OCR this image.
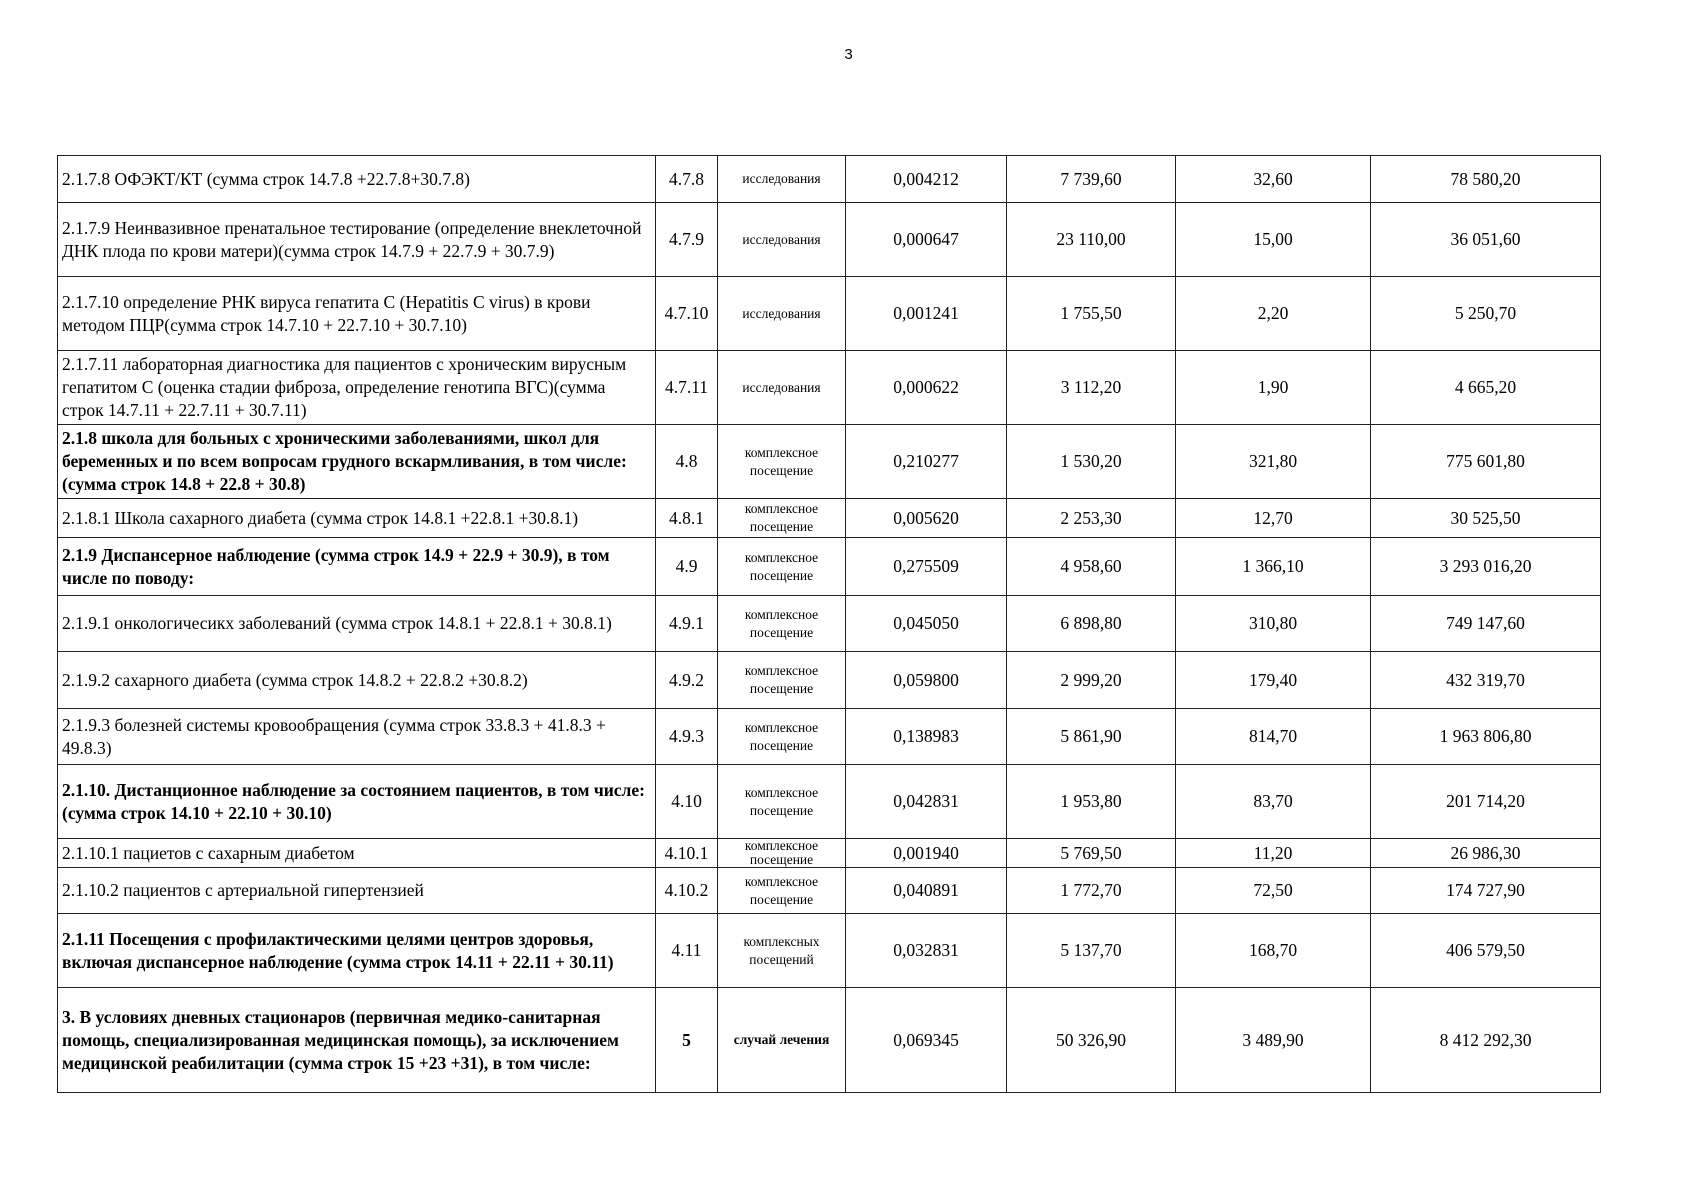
3
2.1.7.8 ОФЭКТ/КТ (сумма строк 14.7.8 +22.7.8+30.7.8)	4.7.8	исследования	0,004212	7 739,60	32,60	78 580,20
2.1.7.9 Неинвазивное пренатальное тестирование (определение внеклеточной ДНК плода по крови матери)(сумма строк 14.7.9 + 22.7.9 + 30.7.9)	4.7.9	исследования	0,000647	23 110,00	15,00	36 051,60
2.1.7.10 определение РНК вируса гепатита С (Hepatitis C virus) в крови методом ПЦР(сумма строк 14.7.10 + 22.7.10 + 30.7.10)	4.7.10	исследования	0,001241	1 755,50	2,20	5 250,70
2.1.7.11 лабораторная диагностика для пациентов с хроническим вирусным гепатитом С (оценка стадии фиброза, определение генотипа ВГС)(сумма строк 14.7.11 + 22.7.11 + 30.7.11)	4.7.11	исследования	0,000622	3 112,20	1,90	4 665,20
2.1.8 школа для больных с хроническими заболеваниями, школ для беременных и по всем вопросам грудного вскармливания, в том числе: (сумма строк 14.8 + 22.8 + 30.8)	4.8	комплексное посещение	0,210277	1 530,20	321,80	775 601,80
2.1.8.1 Школа сахарного диабета (сумма строк 14.8.1 +22.8.1 +30.8.1)	4.8.1	комплексное посещение	0,005620	2 253,30	12,70	30 525,50
2.1.9 Диспансерное наблюдение (сумма строк 14.9 + 22.9 + 30.9), в том числе по поводу:	4.9	комплексное посещение	0,275509	4 958,60	1 366,10	3 293 016,20
2.1.9.1 онкологичесикх заболеваний (сумма строк 14.8.1 + 22.8.1 + 30.8.1)	4.9.1	комплексное посещение	0,045050	6 898,80	310,80	749 147,60
2.1.9.2 сахарного диабета (сумма строк 14.8.2 + 22.8.2 +30.8.2)	4.9.2	комплексное посещение	0,059800	2 999,20	179,40	432 319,70
2.1.9.3 болезней системы кровообращения (сумма строк 33.8.3 + 41.8.3 + 49.8.3)	4.9.3	комплексное посещение	0,138983	5 861,90	814,70	1 963 806,80
2.1.10. Дистанционное наблюдение за состоянием пациентов, в том числе:(сумма строк 14.10 + 22.10 + 30.10)	4.10	комплексное посещение	0,042831	1 953,80	83,70	201 714,20
2.1.10.1 пациетов с сахарным диабетом	4.10.1	комплексное посещение	0,001940	5 769,50	11,20	26 986,30
2.1.10.2 пациентов с артериальной гипертензией	4.10.2	комплексное посещение	0,040891	1 772,70	72,50	174 727,90
2.1.11 Посещения с профилактическими целями центров здоровья, включая диспансерное наблюдение (сумма строк 14.11 + 22.11 + 30.11)	4.11	комплексных посещений	0,032831	5 137,70	168,70	406 579,50
3. В условиях дневных стационаров (первичная медико-санитарная помощь, специализированная медицинская помощь), за исключением медицинской реабилитации (сумма строк 15 +23 +31), в том числе:	5	случай лечения	0,069345	50 326,90	3 489,90	8 412 292,30
